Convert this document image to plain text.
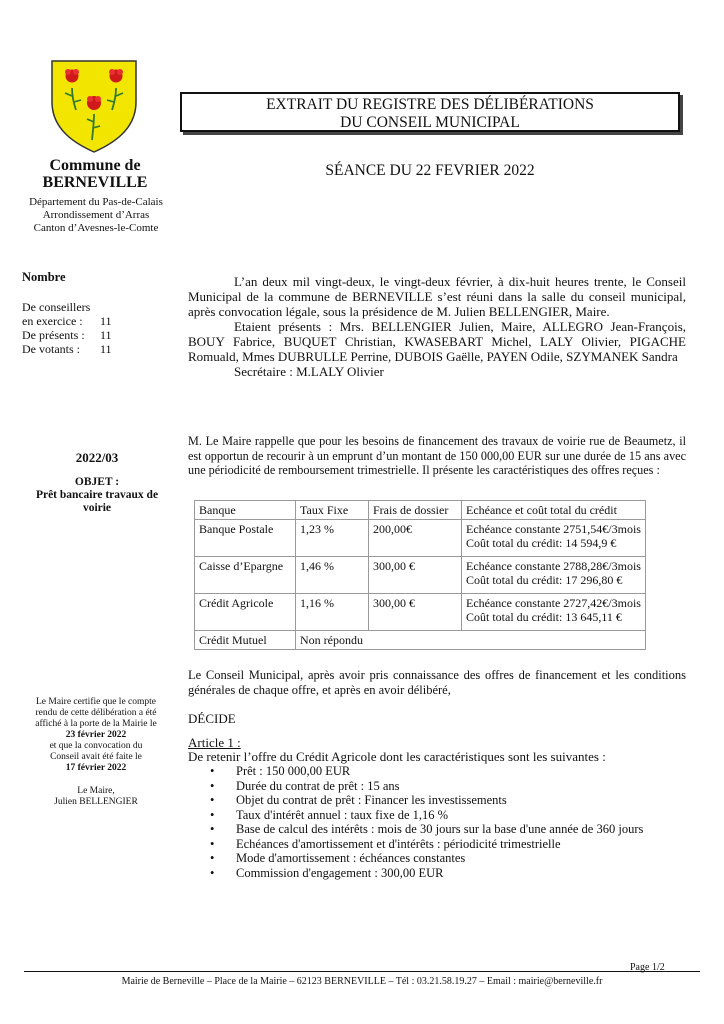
Commune de
BERNEVILLE
Département du Pas-de-Calais
Arrondissement d’Arras
Canton d’Avesnes-le-Comte
EXTRAIT DU REGISTRE DES DÉLIBÉRATIONS
DU CONSEIL MUNICIPAL
SÉANCE DU 22 FEVRIER 2022
Nombre
De conseillers
en exercice : 11
De présents : 11
De votants : 11
2022/03
OBJET :
Prêt bancaire travaux de voirie
Le Maire certifie que le compte
rendu de cette délibération a été
affiché à la porte de la Mairie le
23 février 2022
et que la convocation du
Conseil avait été faite le
17 février 2022
Le Maire,
Julien BELLENGIER

L’an deux mil vingt-deux, le vingt-deux février, à dix-huit heures trente, le Conseil Municipal de la commune de BERNEVILLE s’est réuni dans la salle du conseil municipal, après convocation légale, sous la présidence de M. Julien BELLENGIER, Maire.

Etaient présents : Mrs. BELLENGIER Julien, Maire, ALLEGRO Jean-François, BOUY Fabrice, BUQUET Christian, KWASEBART Michel, LALY Olivier, PIGACHE Romuald, Mmes DUBRULLE Perrine, DUBOIS Gaëlle, PAYEN Odile, SZYMANEK Sandra

Secrétaire : M.LALY Olivier

M. Le Maire rappelle que pour les besoins de financement des travaux de voirie rue de Beaumetz, il est opportun de recourir à un emprunt d’un montant de 150 000,00 EUR sur une durée de 15 ans avec une périodicité de remboursement trimestrielle. Il présente les caractéristiques des offres reçues :
Banque	Taux Fixe	Frais de dossier	Echéance et coût total du crédit
Banque Postale	1,23 %	200,00€	Echéance constante 2751,54€/3mois
Coût total du crédit: 14 594,9 €

Caisse d’Epargne	1,46 %	300,00 €	Echéance constante 2788,28€/3mois
Coût total du crédit: 17 296,80 €

Crédit Agricole	1,16 %	300,00 €	Echéance constante 2727,42€/3mois
Coût total du crédit: 13 645,11 €

Crédit Mutuel	Non répondu		
Le Conseil Municipal, après avoir pris connaissance des offres de financement et les conditions générales de chaque offre, et après en avoir délibéré,
DÉCIDE
Article 1 :
De retenir l’offre du Crédit Agricole dont les caractéristiques sont les suivantes :
• Prêt : 150 000,00 EUR
• Durée du contrat de prêt : 15 ans
• Objet du contrat de prêt : Financer les investissements
• Taux d'intérêt annuel : taux fixe de 1,16 %
• Base de calcul des intérêts : mois de 30 jours sur la base d'une année de 360 jours
• Echéances d'amortissement et d'intérêts : périodicité trimestrielle
• Mode d'amortissement : échéances constantes
• Commission d'engagement : 300,00 EUR
Page 1/2
Mairie de Berneville – Place de la Mairie – 62123 BERNEVILLE – Tél : 03.21.58.19.27 – Email : mairie@berneville.fr
